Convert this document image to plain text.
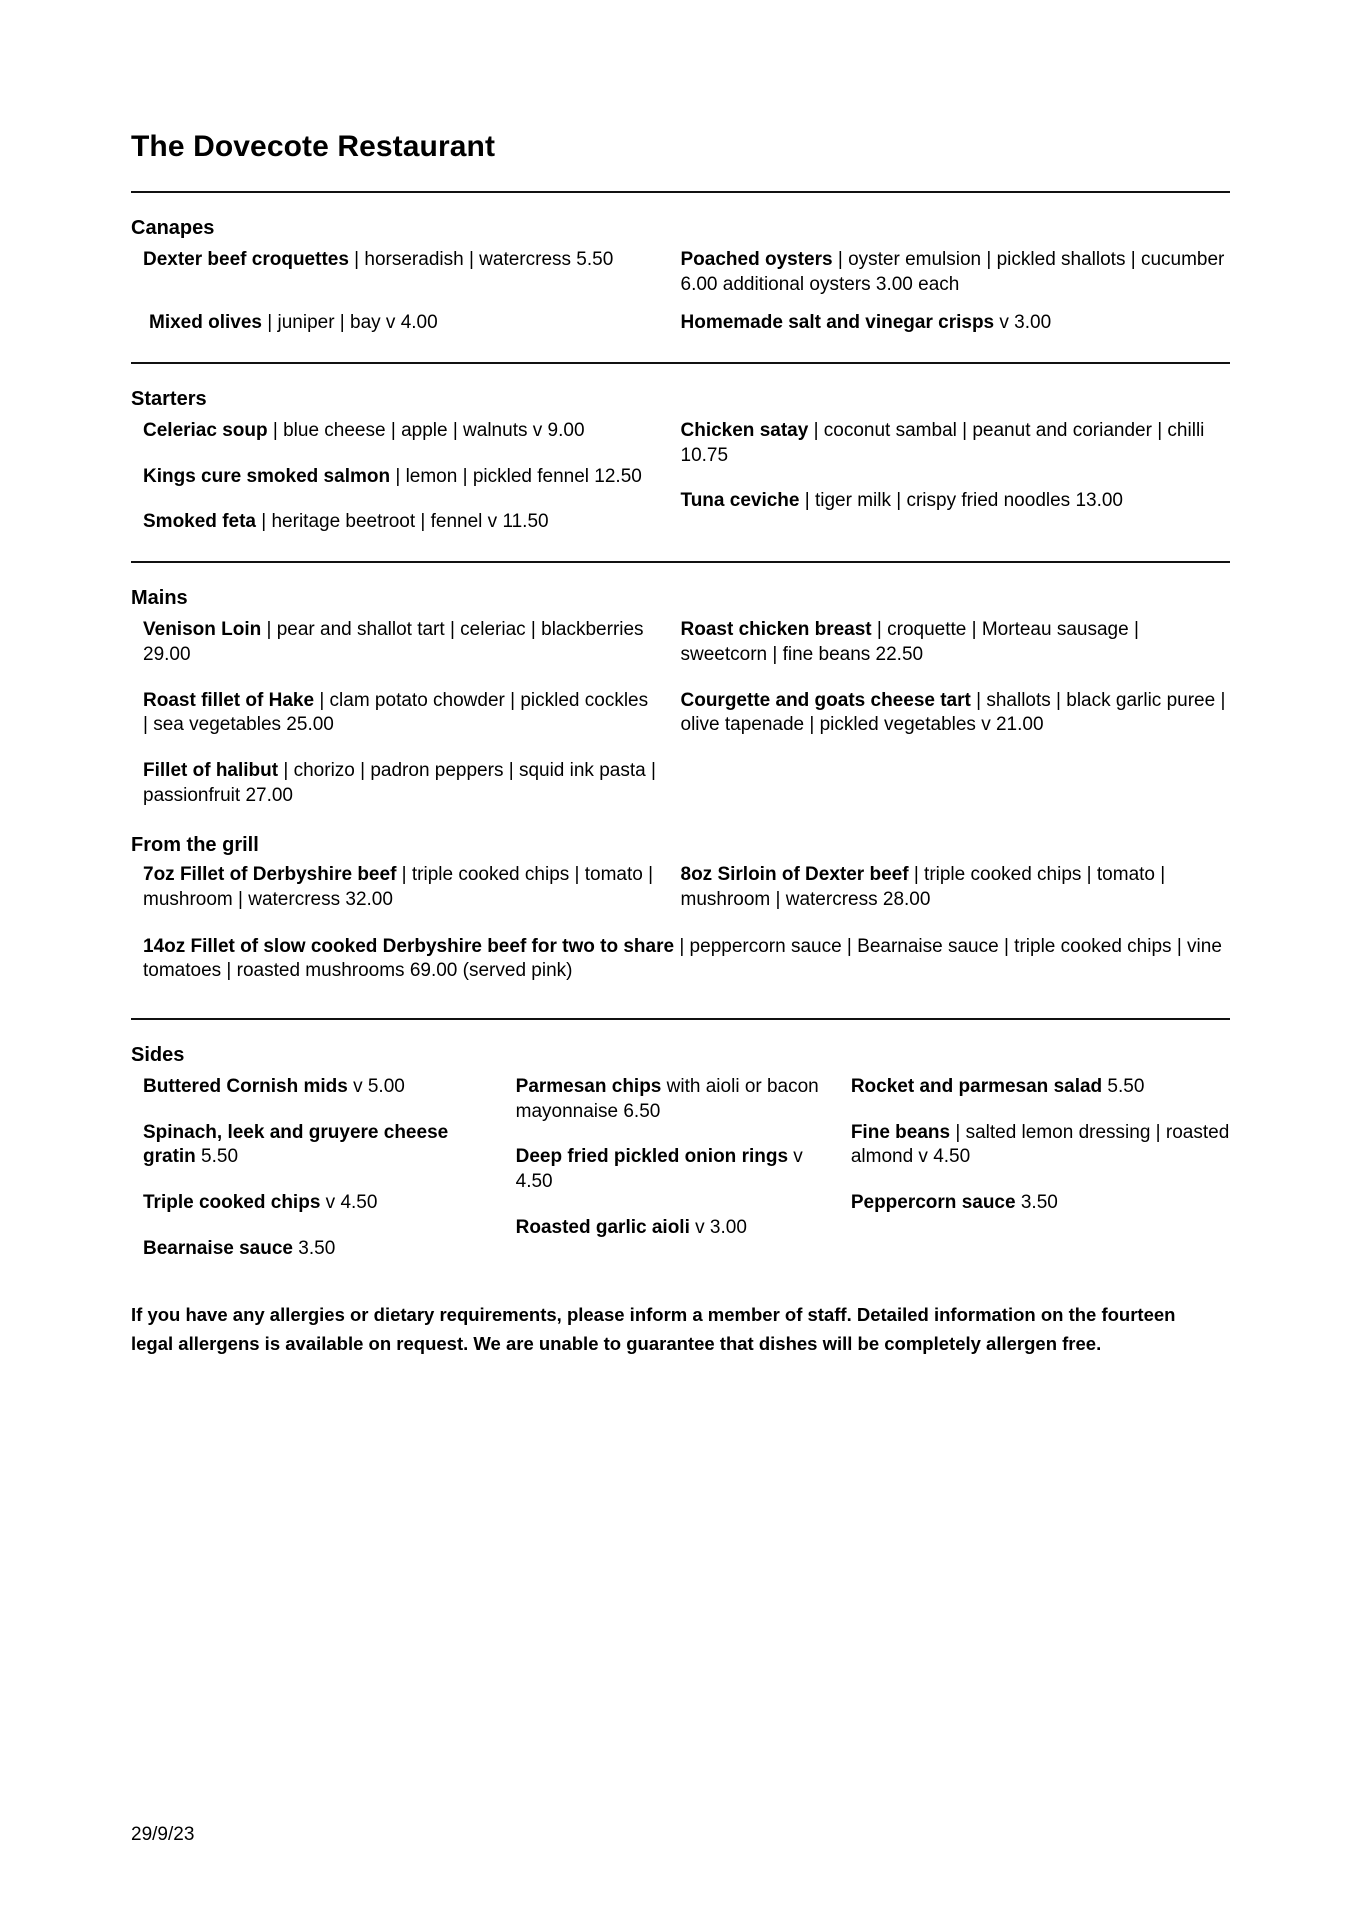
The Dovecote Restaurant
Canapes

Dexter beef croquettes | horseradish | watercress 5.50	Poached oysters | oyster emulsion | pickled shallots | cucumber 6.00 additional oysters 3.00 each

Mixed olives | juniper | bay v 4.00	Homemade salt and vinegar crisps v 3.00

Starters

Celeriac soup | blue cheese | apple | walnuts v 9.00

Kings cure smoked salmon | lemon | pickled fennel 12.50

Smoked feta | heritage beetroot | fennel v 11.50

Chicken satay | coconut sambal | peanut and coriander | chilli 10.75

Tuna ceviche | tiger milk | crispy fried noodles 13.00

Mains

Venison Loin | pear and shallot tart | celeriac | blackberries 29.00

Roast fillet of Hake | clam potato chowder | pickled cockles | sea vegetables 25.00

Fillet of halibut | chorizo | padron peppers | squid ink pasta | passionfruit 27.00

Roast chicken breast | croquette | Morteau sausage | sweetcorn | fine beans 22.50

Courgette and goats cheese tart | shallots | black garlic puree | olive tapenade | pickled vegetables v 21.00

From the grill

7oz Fillet of Derbyshire beef | triple cooked chips | tomato | mushroom | watercress 32.00

8oz Sirloin of Dexter beef | triple cooked chips | tomato | mushroom | watercress 28.00

14oz Fillet of slow cooked Derbyshire beef for two to share | peppercorn sauce | Bearnaise sauce | triple cooked chips | vine tomatoes | roasted mushrooms 69.00 (served pink)

Sides

Buttered Cornish mids v 5.00

Spinach, leek and gruyere cheese gratin 5.50

Triple cooked chips v 4.50

Bearnaise sauce 3.50

Parmesan chips with aioli or bacon mayonnaise 6.50

Deep fried pickled onion rings v 4.50

Roasted garlic aioli v 3.00

Rocket and parmesan salad 5.50

Fine beans | salted lemon dressing | roasted almond v 4.50

Peppercorn sauce 3.50

If you have any allergies or dietary requirements, please inform a member of staff. Detailed information on the fourteen legal allergens is available on request. We are unable to guarantee that dishes will be completely allergen free.

29/9/23
